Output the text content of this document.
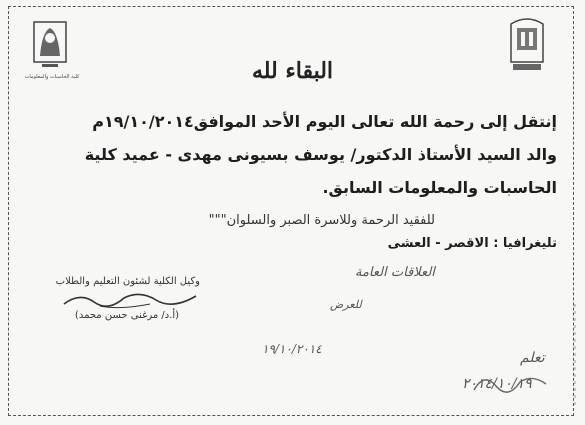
كلية الحاسبات والمعلومات	البقاء لله
إنتقل إلى رحمة الله تعالى اليوم الأحد الموافق١٩/١٠/٢٠١٤م
والد السيد الأستاذ الدكتور/ يوسف بسيونى مهدى - عميد كلية
الحاسبات والمعلومات السابق.
للفقيد الرحمة وللاسرة الصبر والسلوان"""
تليغرافيا : الاقصر - العشى
وكيل الكلية لشئون التعليم والطلاب
(أ.د/ مرغنى حسن محمد)
العلاقات العامة
للعرض
١٩/١٠/٢٠١٤
تعلم
٢٠١٤/١٠/١٩
